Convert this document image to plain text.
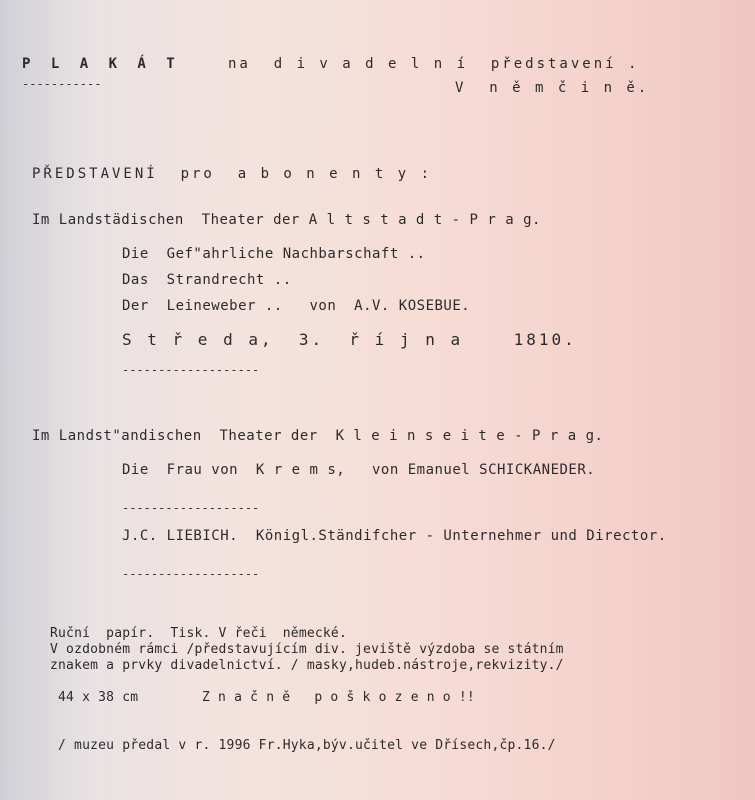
P L A K Á T
-----------
na  d i v a d e l n í  představení .
V  n ě m č i n ě.
PŘEDSTAVENÍ  pro  a b o n e n t y :
Im Landstädischen  Theater der A l t s t a d t - P r a g.
Die  Gef"ahrliche Nachbarschaft ..
Das  Strandrecht ..
Der  Leineweber ..   von  A.V. KOSEBUE.
S t ř e d a,  3.  ř í j n a    1810.
-------------------
Im Landst"andischen  Theater der  K l e i n s e i t e - P r a g.
Die  Frau von  K r e m s,   von Emanuel SCHICKANEDER.
-------------------
J.C. LIEBICH.  Königl.Ständifcher - Unternehmer und Director.
-------------------
Ruční  papír.  Tisk. V řeči  německé.
V ozdobném rámci /představujícím div. jeviště výzdoba se státním
znakem a prvky divadelnictví. / masky,hudeb.nástroje,rekvizity./
44 x 38 cm	Z n a č n ě   p o š k o z e n o !!
/ muzeu předal v r. 1996 Fr.Hyka,býv.učitel ve Dřísech,čp.16./
